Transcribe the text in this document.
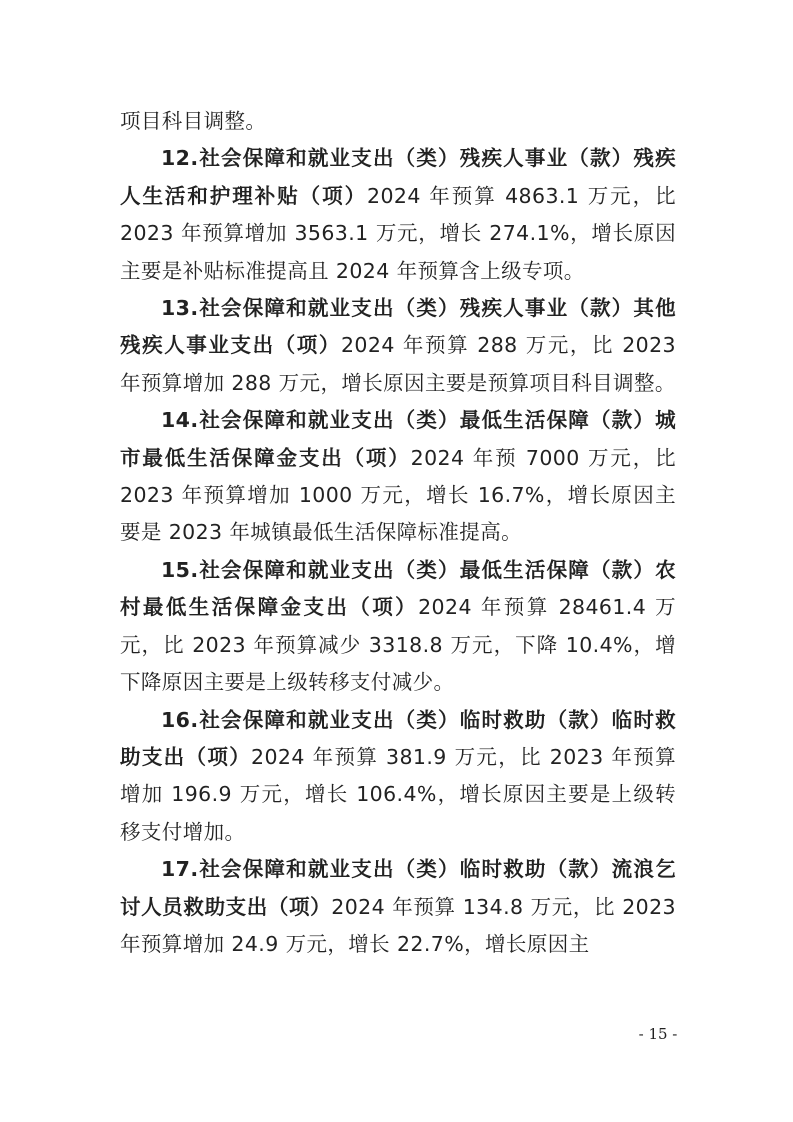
项目科目调整。

12.社会保障和就业支出（类）残疾人事业（款）残疾人生活和护理补贴（项）2024 年预算 4863.1 万元，比 2023 年预算增加 3563.1 万元，增长 274.1%，增长原因主要是补贴标准提高且 2024 年预算含上级专项。

13.社会保障和就业支出（类）残疾人事业（款）其他残疾人事业支出（项）2024 年预算 288 万元，比 2023 年预算增加 288 万元，增长原因主要是预算项目科目调整。

14.社会保障和就业支出（类）最低生活保障（款）城市最低生活保障金支出（项）2024 年预 7000 万元，比 2023 年预算增加 1000 万元，增长 16.7%，增长原因主要是 2023 年城镇最低生活保障标准提高。

15.社会保障和就业支出（类）最低生活保障（款）农村最低生活保障金支出（项）2024 年预算 28461.4 万元，比 2023 年预算减少 3318.8 万元，下降 10.4%，增下降原因主要是上级转移支付减少。

16.社会保障和就业支出（类）临时救助（款）临时救助支出（项）2024 年预算 381.9 万元，比 2023 年预算增加 196.9 万元，增长 106.4%，增长原因主要是上级转移支付增加。

17.社会保障和就业支出（类）临时救助（款）流浪乞讨人员救助支出（项）2024 年预算 134.8 万元，比 2023 年预算增加 24.9 万元，增长 22.7%，增长原因主

- 15 -
